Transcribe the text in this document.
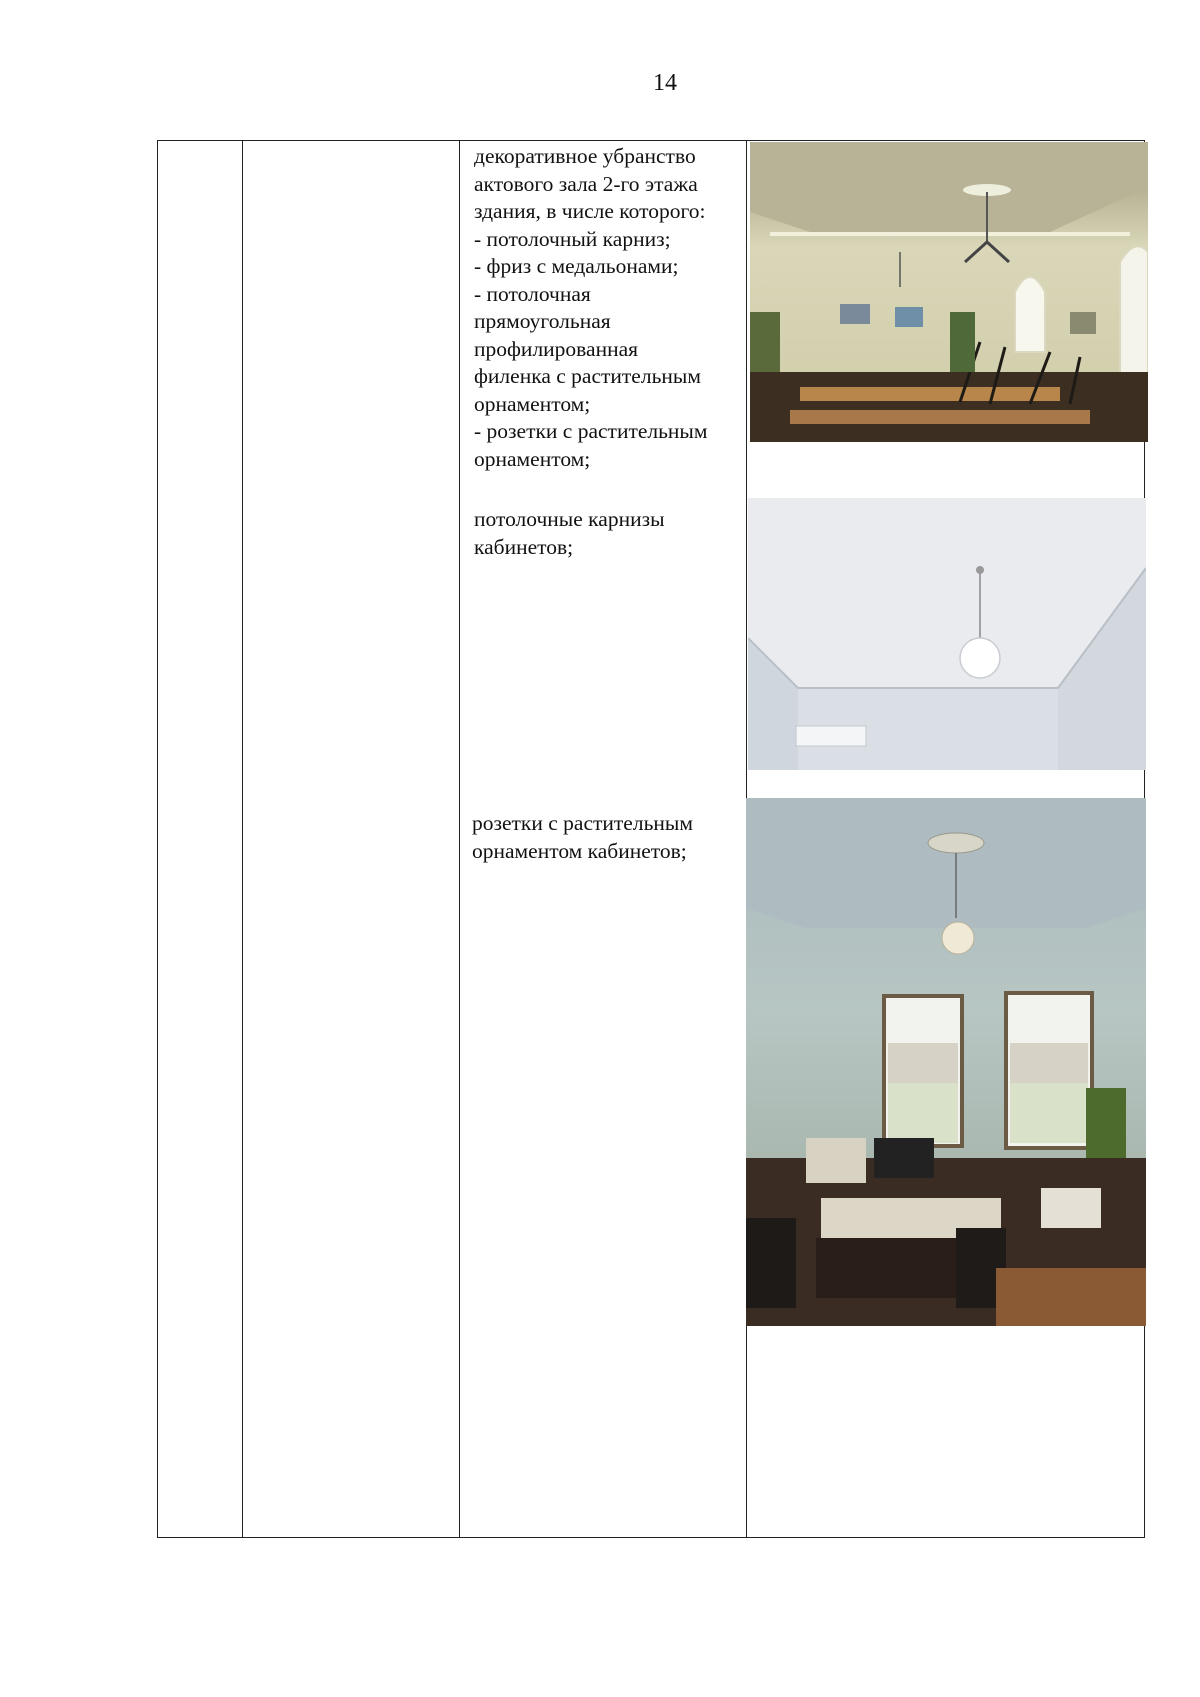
14
декоративное убранство
актового зала 2-го этажа
здания, в числе которого:
- потолочный карниз;
- фриз с медальонами;
- потолочная
прямоугольная
профилированная
филенка с растительным
орнаментом;
- розетки с растительным
орнаментом;
потолочные карнизы
кабинетов;
розетки с растительным
орнаментом кабинетов;
